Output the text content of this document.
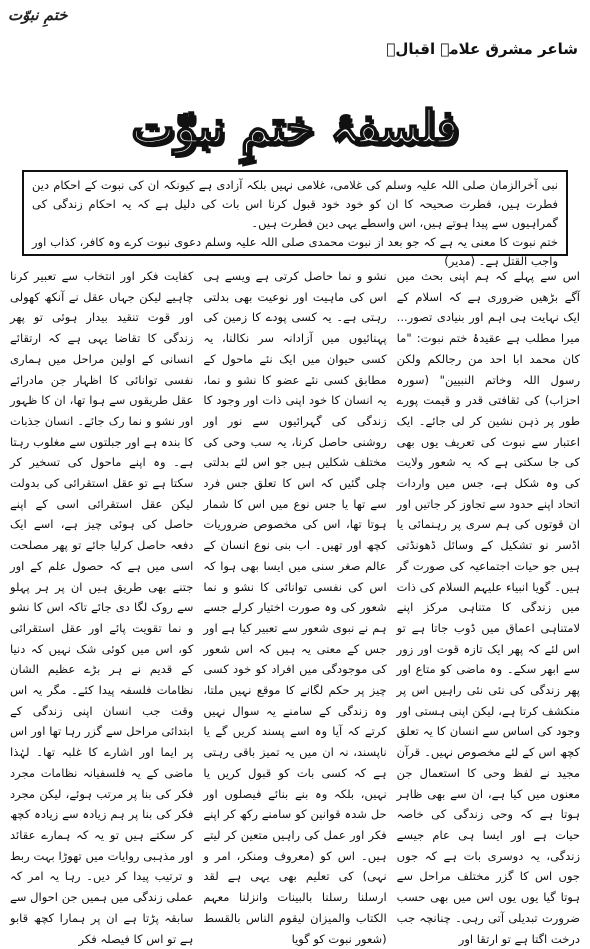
ختمِ نبوّت
شاعر مشرق علامہ اقبالؒ
فلسفۂ ختمِ نبوّت

نبی آخرالزمان صلی اللہ علیہ وسلم کی غلامی، غلامی نہیں بلکہ آزادی ہے کیونکہ ان کی نبوت کے احکام دین فطرت ہیں، فطرت صحیحہ کا ان کو خود خود قبول کرنا اس بات کی دلیل ہے کہ یہ احکام زندگی کی گمراہیوں سے پیدا ہوتے ہیں، اس واسطے یہی دین فطرت ہیں۔

ختم نبوت کا معنی یہ ہے کہ جو بعد از نبوت محمدی صلی اللہ علیہ وسلم دعوی نبوت کرے وہ کافر، کذاب اور واجب القتل ہے۔ (مدیر)

اس سے پہلے کہ ہم اپنی بحث میں آگے بڑھیں ضروری ہے کہ اسلام کے ایک نہایت ہی اہم اور بنیادی تصور... میرا مطلب ہے عقیدۂ ختم نبوت: "ما کان محمد ابا احد من رجالکم ولکن رسول اللہ وخاتم النبیین" (سورہ احزاب) کی ثقافتی قدر و قیمت پورے طور پر ذہن نشین کر لی جائے۔ ایک اعتبار سے نبوت کی تعریف یوں بھی کی جا سکتی ہے کہ یہ شعور ولایت کی وہ شکل ہے، جس میں واردات اتحاد اپنے حدود سے تجاوز کر جاتیں اور ان قوتوں کی ہم سری پر رہنمائی یا اڈسر نو تشکیل کے وسائل ڈھونڈتی ہیں جو حیات اجتماعیہ کی صورت گر ہیں۔ گویا انبیاء علیہم السلام کی ذات میں زندگی کا متناہی مرکز اپنے لامتناہی اعماق میں ڈوب جاتا ہے تو اس لئے کہ پھر ایک تازہ قوت اور زور سے ابھر سکے۔ وہ ماضی کو متاع اور پھر زندگی کی نئی نئی راہیں اس پر منکشف کرتا ہے، لیکن اپنی ہستی اور وجود کی اساس سے انسان کا یہ تعلق کچھ اس کے لئے مخصوص نہیں۔ قرآن مجید نے لفظ وحی کا استعمال جن معنوں میں کیا ہے، ان سے بھی ظاہر ہوتا ہے کہ وحی زندگی کی خاصہ حیات ہے اور ایسا ہی عام جیسے زندگی، یہ دوسری بات ہے کہ جوں جوں اس کا گزر مختلف مراحل سے ہوتا گیا یوں یوں اس میں بھی حسب ضرورت تبدیلی آتی رہی۔ چنانچہ جب درخت اگتا ہے تو ارتقا اور

نشو و نما حاصل کرتی ہے ویسے ہی اس کی ماہیت اور نوعیت بھی بدلتی رہتی ہے۔ یہ کسی پودے کا زمین کی پہنائیوں میں آزادانہ سر نکالنا، یہ کسی حیوان میں ایک نئے ماحول کے مطابق کسی نئے عضو کا نشو و نما، یہ انسان کا خود اپنی ذات اور وجود کا زندگی کی گہرائیوں سے نور اور روشنی حاصل کرنا، یہ سب وحی کی مختلف شکلیں ہیں جو اس لئے بدلتی چلی گئیں کہ اس کا تعلق جس فرد سے تھا یا جس نوع میں اس کا شمار ہوتا تھا، اس کی مخصوص ضروریات کچھ اور تھیں۔ اب بنی نوع انسان کے عالم صغر سنی میں ایسا بھی ہوا کہ اس کی نفسی توانائی کا نشو و نما شعور کی وہ صورت اختیار کرلے جسے ہم نے نبوی شعور سے تعبیر کیا ہے اور جس کے معنی یہ ہیں کہ اس شعور کی موجودگی میں افراد کو خود کسی چیز پر حکم لگانے کا موقع نہیں ملتا، وہ زندگی کے سامنے یہ سوال نہیں کرتے کہ آیا وہ اسے پسند کریں گے یا ناپسند، نہ ان میں یہ تمیز باقی رہتی ہے کہ کسی بات کو قبول کریں یا نہیں، بلکہ وہ بنے بنائے فیصلوں اور حل شدہ قوانین کو سامنے رکھ کر اپنے فکر اور عمل کی راہیں متعین کر لیتے ہیں۔ اس کو (معروف ومنکر، امر و نہی) کی تعلیم بھی یہی ہے لقد ارسلنا رسلنا بالبینات وانزلنا معہم الکتاب والمیزان لیقوم الناس بالقسط (شعور نبوت کو گویا

کفایت فکر اور انتخاب سے تعبیر کرنا چاہیے لیکن جہاں عقل نے آنکھ کھولی اور قوت تنقید بیدار ہوئی تو پھر زندگی کا تقاضا یہی ہے کہ ارتقائے انسانی کے اولین مراحل میں ہماری نفسی توانائی کا اظہار جن مادرائے عقل طریقوں سے ہوا تھا، ان کا ظہور اور نشو و نما رک جائے۔ انسان جذبات کا بندہ ہے اور جبلتوں سے مغلوب رہتا ہے۔ وہ اپنے ماحول کی تسخیر کر سکتا ہے تو عقل استقرائی کی بدولت لیکن عقل استقرائی اسی کے اپنے حاصل کی ہوئی چیز ہے، اسے ایک دفعہ حاصل کرلیا جائے تو پھر مصلحت اسی میں ہے کہ حصول علم کے اور جتنے بھی طریق ہیں ان پر ہر پہلو سے روک لگا دی جائے تاکہ اس کا نشو و نما تقویت پائے اور عقل استقرائی کو، اس میں کوئی شک نہیں کہ دنیا کے قدیم نے ہر بڑے عظیم الشان نظامات فلسفہ پیدا کئے۔ مگر یہ اس وقت جب انسان اپنی زندگی کے ابتدائی مراحل سے گزر رہا تھا اور اس پر ایما اور اشارے کا غلبہ تھا۔ لہٰذا ماضی کے یہ فلسفیانہ نظامات مجرد فکر کی بنا پر مرتب ہوئے، لیکن مجرد فکر کی بنا پر ہم زیادہ سے زیادہ کچھ کر سکتے ہیں تو یہ کہ ہمارے عقائد اور مذہبی روایات میں تھوڑا بہت ربط و ترتیب پیدا کر دیں۔ رہا یہ امر کہ عملی زندگی میں ہمیں جن احوال سے سابقہ پڑتا ہے ان پر ہمارا کچھ قابو ہے تو اس کا فیصلہ فکر
